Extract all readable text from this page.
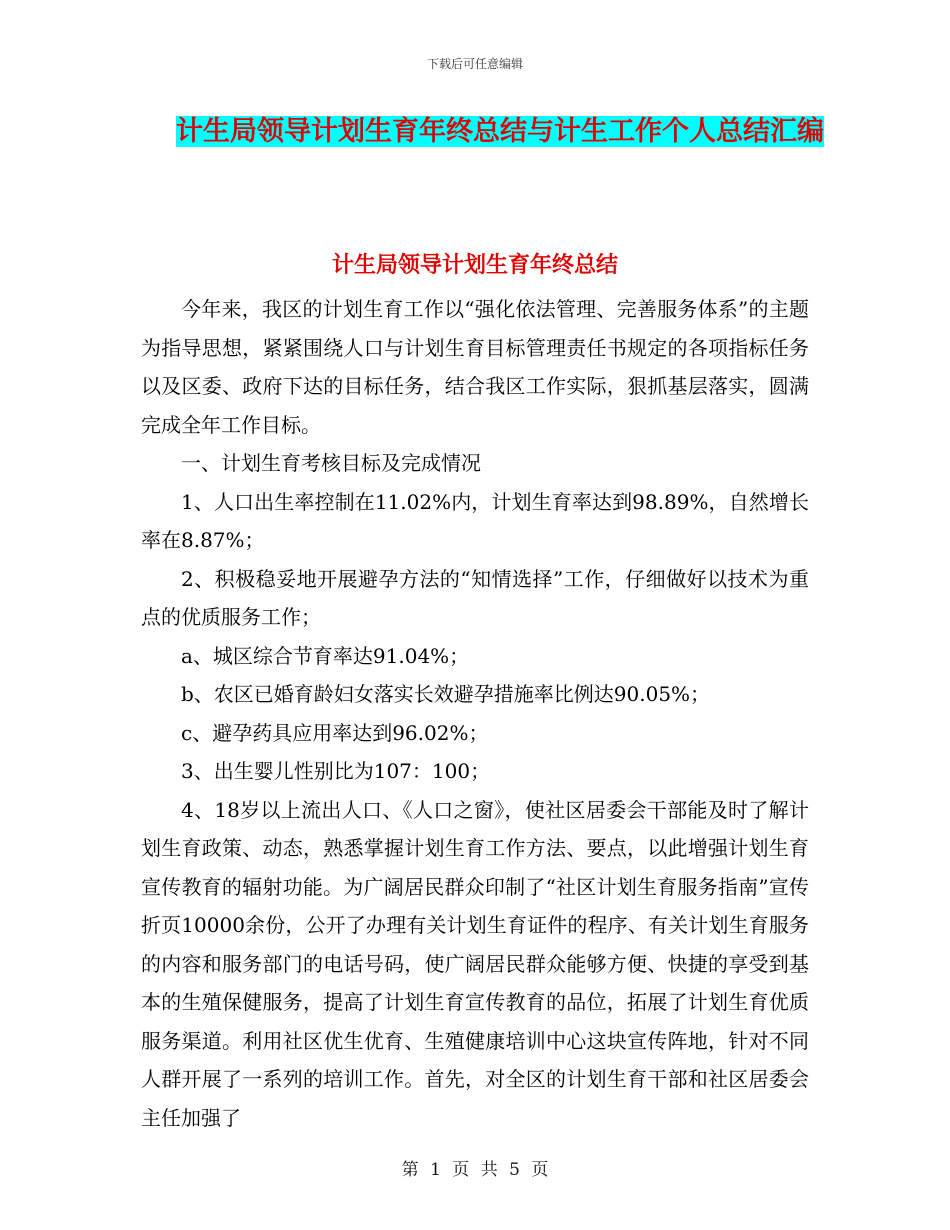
下载后可任意编辑
计生局领导计划生育年终总结与计生工作个人总结汇编
计生局领导计划生育年终总结

今年来，我区的计划生育工作以“强化依法管理、完善服务体系”的主题为指导思想，紧紧围绕人口与计划生育目标管理责任书规定的各项指标任务以及区委、政府下达的目标任务，结合我区工作实际，狠抓基层落实，圆满完成全年工作目标。

一、计划生育考核目标及完成情况

1、人口出生率控制在11.02%内，计划生育率达到98.89%，自然增长率在8.87%；

2、积极稳妥地开展避孕方法的“知情选择”工作，仔细做好以技术为重点的优质服务工作；

a、城区综合节育率达91.04%；

b、农区已婚育龄妇女落实长效避孕措施率比例达90.05%；

c、避孕药具应用率达到96.02%；

3、出生婴儿性别比为107：100；

4、18岁以上流出人口、《人口之窗》，使社区居委会干部能及时了解计划生育政策、动态，熟悉掌握计划生育工作方法、要点，以此增强计划生育宣传教育的辐射功能。为广阔居民群众印制了“社区计划生育服务指南”宣传折页10000余份，公开了办理有关计划生育证件的程序、有关计划生育服务的内容和服务部门的电话号码，使广阔居民群众能够方便、快捷的享受到基本的生殖保健服务，提高了计划生育宣传教育的品位，拓展了计划生育优质服务渠道。利用社区优生优育、生殖健康培训中心这块宣传阵地，针对不同人群开展了一系列的培训工作。首先，对全区的计划生育干部和社区居委会主任加强了

第 1 页 共 5 页
